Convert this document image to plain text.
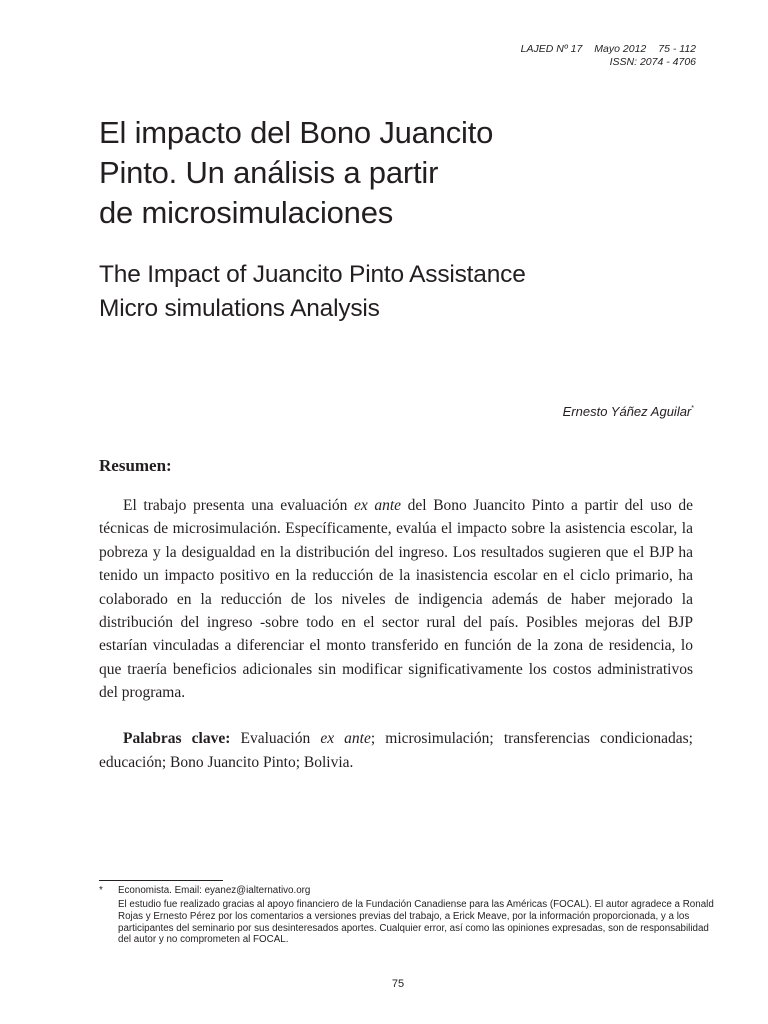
LAJED Nº 17 Mayo 2012 75 - 112
ISSN: 2074 - 4706
El impacto del Bono Juancito
Pinto. Un análisis a partir
de microsimulaciones
The Impact of Juancito Pinto Assistance
Micro simulations Analysis
Ernesto Yáñez Aguilar*
Resumen:

El trabajo presenta una evaluación ex ante del Bono Juancito Pinto a partir del uso de técnicas de microsimulación. Específicamente, evalúa el impacto sobre la asistencia escolar, la pobreza y la desigualdad en la distribución del ingreso. Los resultados sugieren que el BJP ha tenido un impacto positivo en la reducción de la inasistencia escolar en el ciclo primario, ha colaborado en la reducción de los niveles de indigencia además de haber mejorado la distribución del ingreso -sobre todo en el sector rural del país. Posibles mejoras del BJP estarían vinculadas a diferenciar el monto transferido en función de la zona de residencia, lo que traería beneficios adicionales sin modificar significativamente los costos administrativos del programa.

Palabras clave: Evaluación ex ante; microsimulación; transferencias condicionadas; educación; Bono Juancito Pinto; Bolivia.

* Economista. Email: eyanez@ialternativo.org
El estudio fue realizado gracias al apoyo financiero de la Fundación Canadiense para las Américas (FOCAL). El autor agradece a Ronald Rojas y Ernesto Pérez por los comentarios a versiones previas del trabajo, a Erick Meave, por la información proporcionada, y a los participantes del seminario por sus desinteresados aportes. Cualquier error, así como las opiniones expresadas, son de responsabilidad del autor y no comprometen al FOCAL.
75
